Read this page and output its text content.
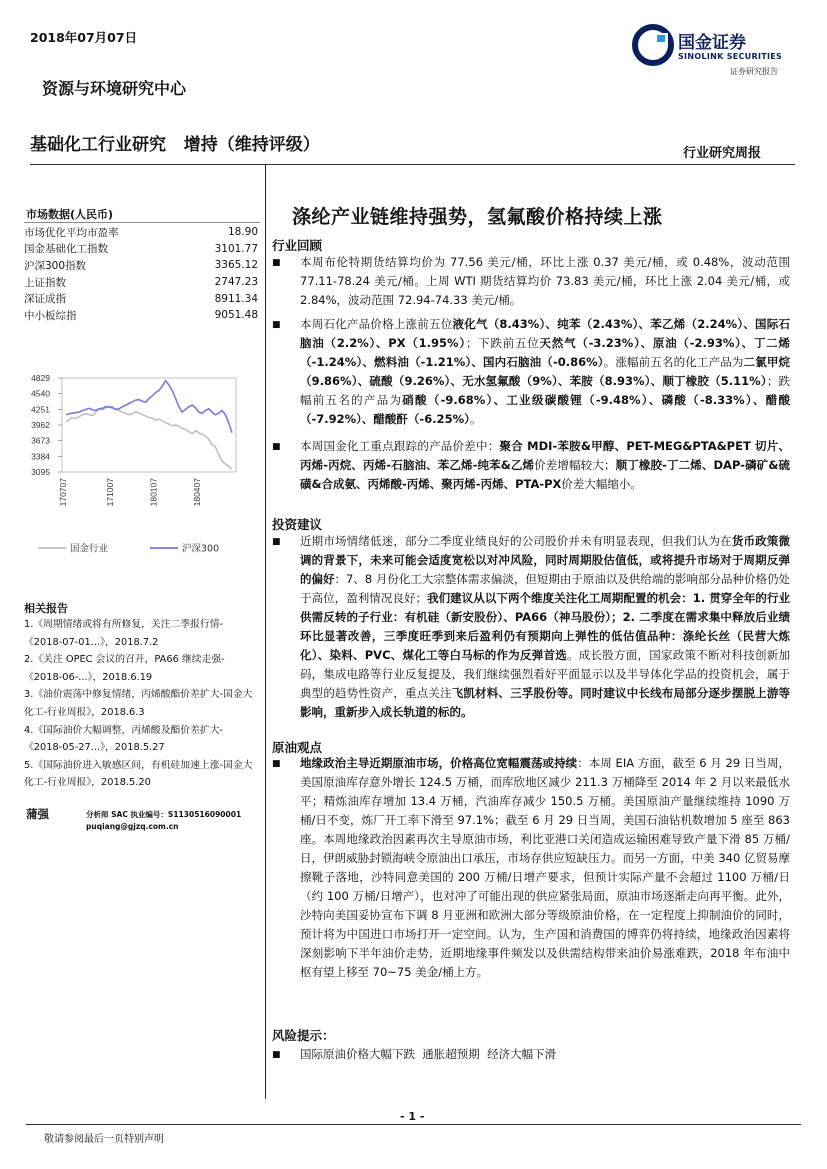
2018年07月07日
资源与环境研究中心
国金证券
SINOLINK SECURITIES
证券研究报告
基础化工行业研究   增持（维持评级）	行业研究周报
市场数据(人民币)
市场优化平均市盈率	18.90
国金基础化工指数	3101.77
沪深300指数	3365.12
上证指数	2747.23
深证成指	8911.34
中小板综指	9051.48
4829
4540
4251
3962
3673
3384
3095
170707	171007	180107	180407
国金行业	沪深300
相关报告
1.《周期情绪或将有所修复，关注二季报行情-《2018-07-01...》，2018.7.2
2.《关注 OPEC 会议的召开，PA66 继续走强-《2018-06-...》，2018.6.19
3.《油价震荡中修复情绪，丙烯酸酯价差扩大-国金大化工-行业周报》，2018.6.3
4.《国际油价大幅调整，丙烯酸及酯价差扩大-《2018-05-27...》，2018.5.27
5.《国际油价进入敏感区间，有机硅加速上涨-国金大化工-行业周报》，2018.5.20
蒲强	分析师 SAC 执业编号：S1130516090001
puqiang@gjzq.com.cn
涤纶产业链维持强势，氢氟酸价格持续上涨
行业回顾
■ 本周布伦特期货结算均价为 77.56 美元/桶，环比上涨 0.37 美元/桶，或 0.48%，波动范围 77.11-78.24 美元/桶。上周 WTI 期货结算均价 73.83 美元/桶，环比上涨 2.04 美元/桶，或 2.84%，波动范围 72.94-74.33 美元/桶。
■ 本周石化产品价格上涨前五位液化气（8.43%）、纯苯（2.43%）、苯乙烯（2.24%）、国际石脑油（2.2%）、PX（1.95%）；下跌前五位天然气（-3.23%）、原油（-2.93%）、丁二烯（-1.24%）、燃料油（-1.21%）、国内石脑油（-0.86%）。涨幅前五名的化工产品为二氯甲烷（9.86%）、硫酸（9.26%）、无水氢氟酸（9%）、苯胺（8.93%）、顺丁橡胶（5.11%）；跌幅前五名的产品为硝酸（-9.68%）、工业级碳酸锂（-9.48%）、磷酸（-8.33%）、醋酸（-7.92%）、醋酸酐（-6.25%）。
■ 本周国金化工重点跟踪的产品价差中：聚合 MDI-苯胺&甲醇、PET-MEG&PTA&PET 切片、丙烯-丙烷、丙烯-石脑油、苯乙烯-纯苯&乙烯价差增幅较大；顺丁橡胶-丁二烯、DAP-磷矿&硫磺&合成氨、丙烯酸-丙烯、聚丙烯-丙烯、PTA-PX价差大幅缩小。
投资建议
■ 近期市场情绪低迷，部分二季度业绩良好的公司股价并未有明显表现，但我们认为在货币政策微调的背景下，未来可能会适度宽松以对冲风险，同时周期股估值低，或将提升市场对于周期反弹的偏好：7、8 月份化工大宗整体需求偏淡，但短期由于原油以及供给端的影响部分品种价格仍处于高位，盈利情况良好；我们建议从以下两个维度关注化工周期配置的机会：1. 贯穿全年的行业供需反转的子行业：有机硅（新安股份）、PA66（神马股份）；2. 二季度在需求集中释放后业绩环比显著改善，三季度旺季到来后盈利仍有预期向上弹性的低估值品种：涤纶长丝（民营大炼化）、染料、PVC、煤化工等白马标的作为反弹首选。成长股方面，国家政策不断对科技创新加码，集成电路等行业反复提及，我们继续强烈看好平面显示以及半导体化学品的投资机会，属于典型的趋势性资产，重点关注飞凯材料、三孚股份等。同时建议中长线布局部分逐步摆脱上游等影响，重新步入成长轨道的标的。
原油观点
■ 地缘政治主导近期原油市场，价格高位宽幅震荡或持续：本周 EIA 方面，截至 6 月 29 日当周，美国原油库存意外增长 124.5 万桶，而库欣地区减少 211.3 万桶降至 2014 年 2 月以来最低水平；精炼油库存增加 13.4 万桶，汽油库存减少 150.5 万桶。美国原油产量继续维持 1090 万桶/日不变，炼厂开工率下滑至 97.1%；截至 6 月 29 日当周，美国石油钻机数增加 5 座至 863 座。本周地缘政治因素再次主导原油市场，利比亚港口关闭造成运输困难导致产量下滑 85 万桶/日，伊朗威胁封锁海峡令原油出口承压，市场存供应短缺压力。而另一方面，中美 340 亿贸易摩擦靴子落地，沙特同意美国的 200 万桶/日增产要求，但预计实际产量不会超过 1100 万桶/日（约 100 万桶/日增产），也对冲了可能出现的供应紧张局面，原油市场逐渐走向再平衡。此外，沙特向美国妥协宣布下调 8 月亚洲和欧洲大部分等级原油价格，在一定程度上抑制油价的同时，预计将为中国进口市场打开一定空间。认为，生产国和消费国的博弈仍将持续，地缘政治因素将深刻影响下半年油价走势，近期地缘事件频发以及供需结构带来油价易涨难跌，2018 年布油中枢有望上移至 70~75 美金/桶上方。
风险提示：
■ 国际原油价格大幅下跌  通胀超预期  经济大幅下滑
- 1 -
敬请参阅最后一页特别声明
